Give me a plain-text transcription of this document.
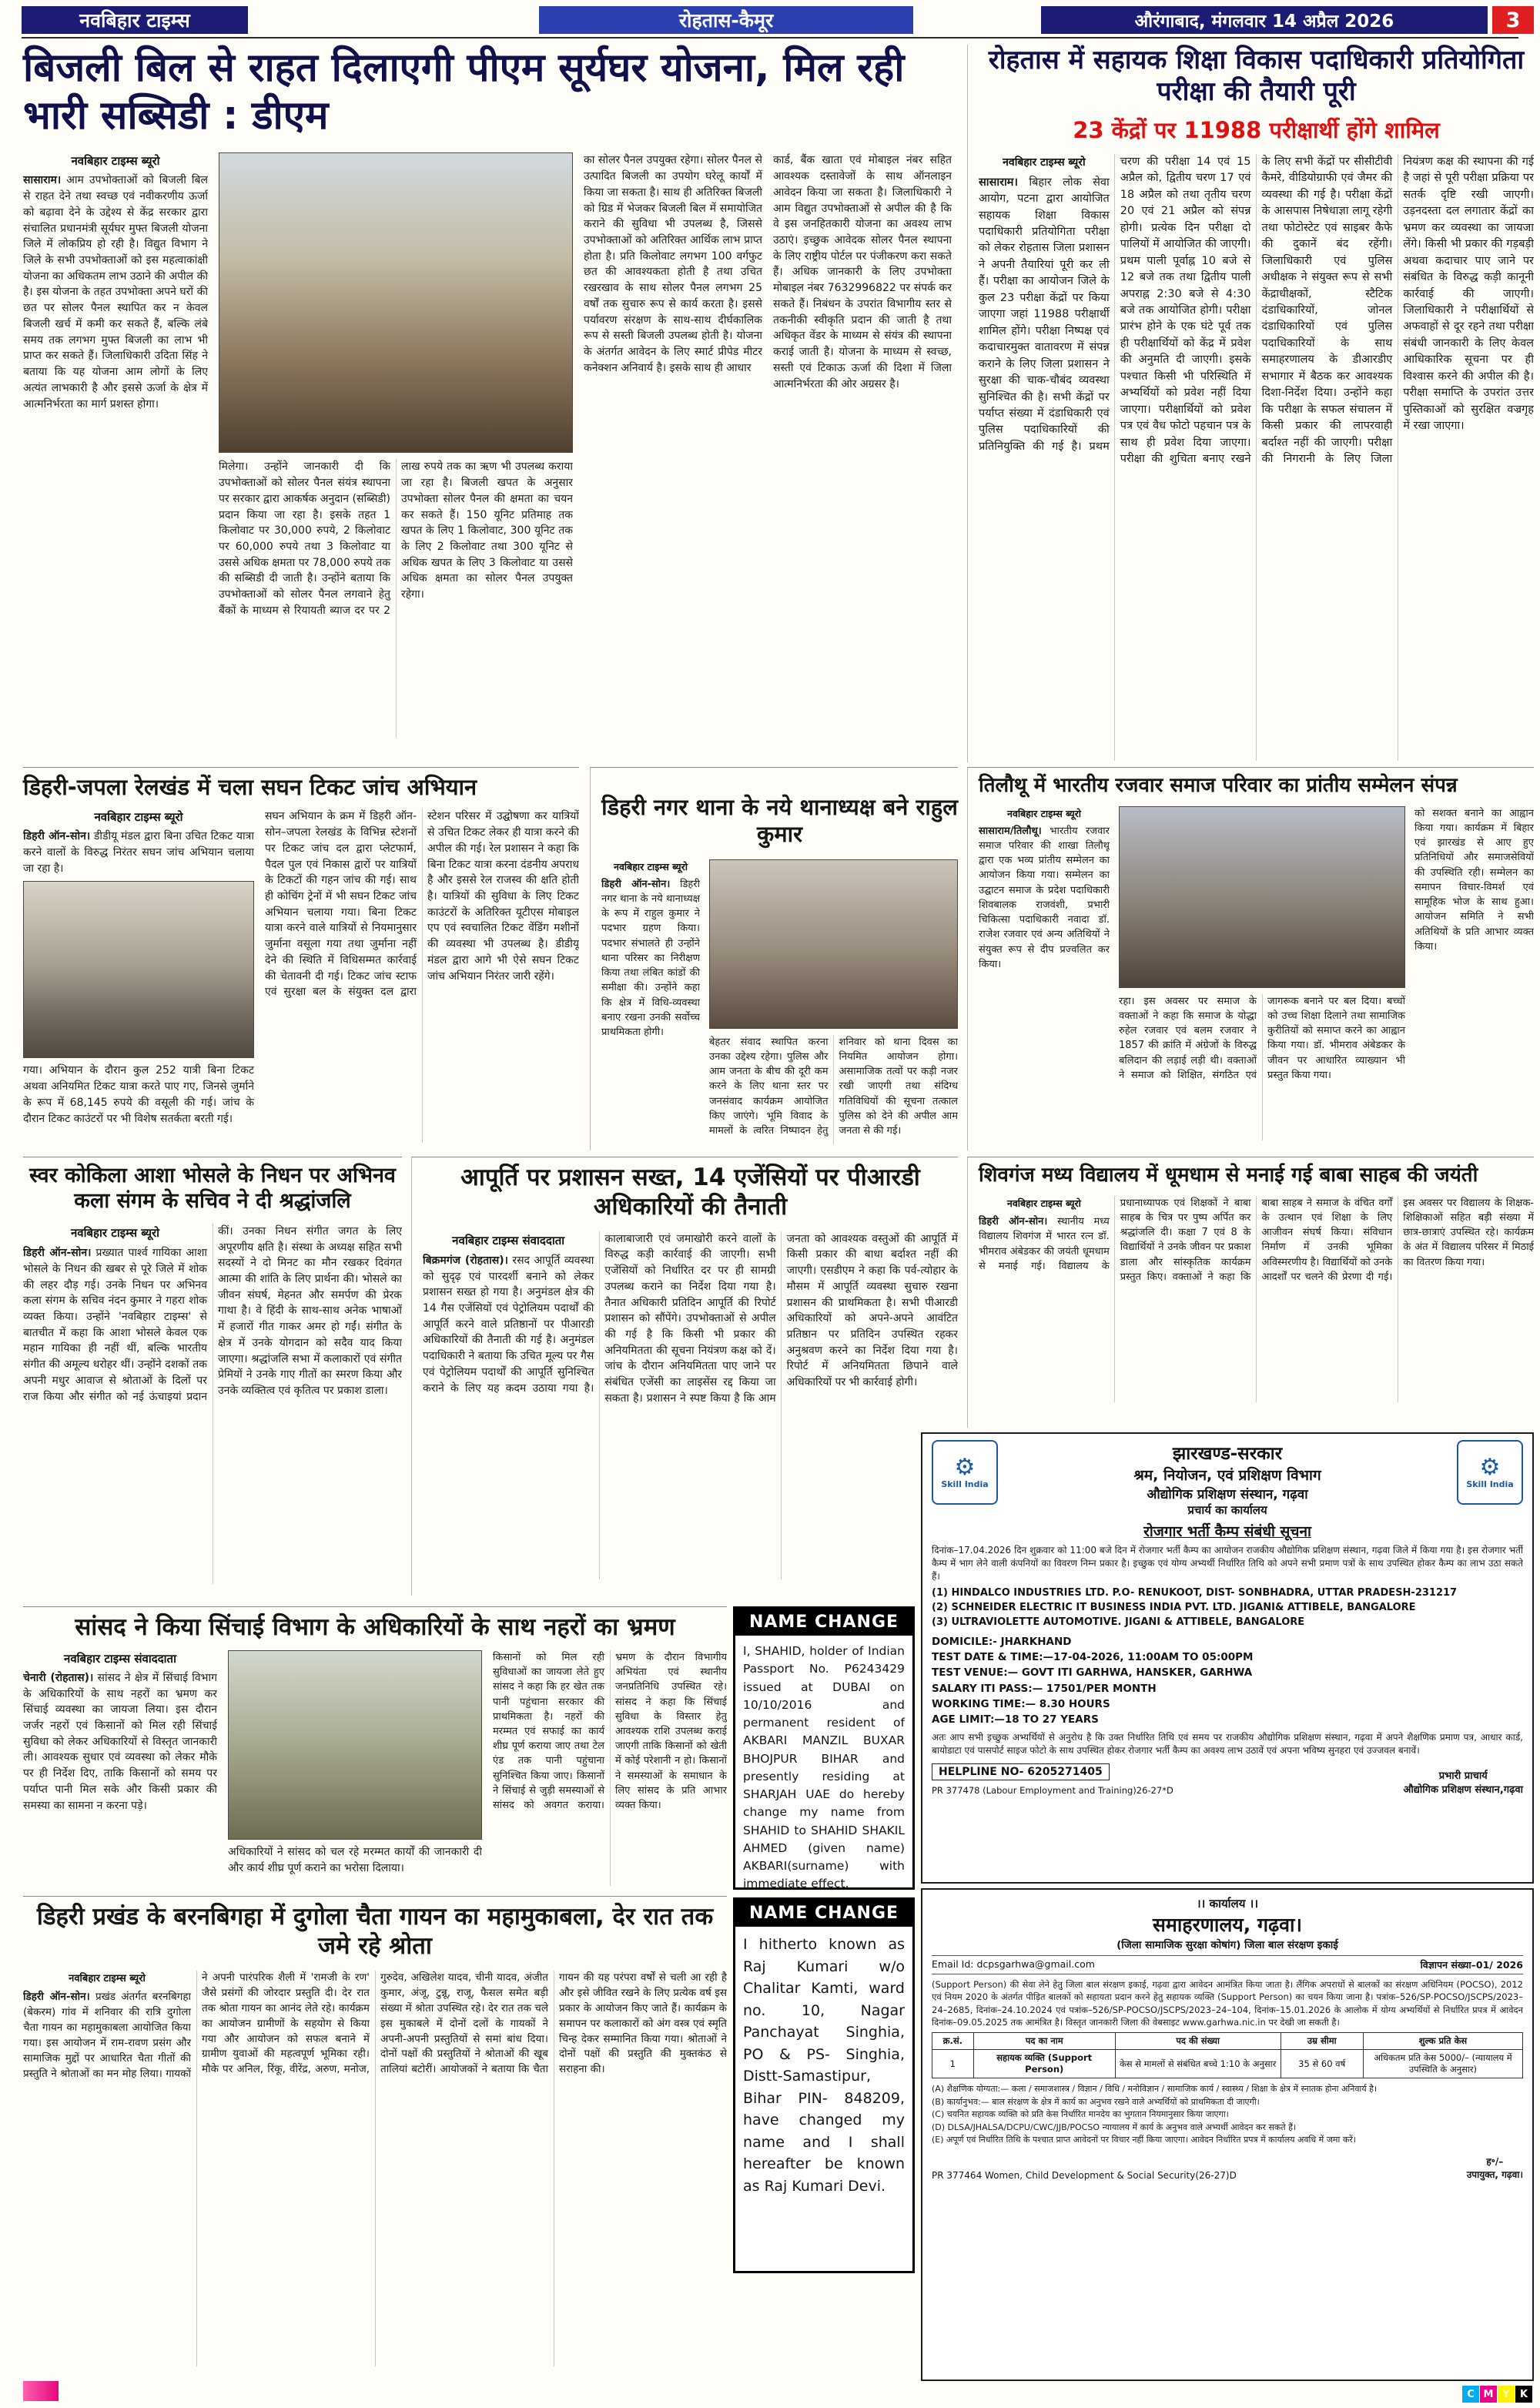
नवबिहार टाइम्स	रोहतास-कैमूर	औरंगाबाद, मंगलवार 14 अप्रैल 2026	3
बिजली बिल से राहत दिलाएगी पीएम सूर्यघर योजना, मिल रही भारी सब्सिडी : डीएम
नवबिहार टाइम्स ब्यूरो
सासाराम। आम उपभोक्ताओं को बिजली बिल से राहत देने तथा स्वच्छ एवं नवीकरणीय ऊर्जा को बढ़ावा देने के उद्देश्य से केंद्र सरकार द्वारा संचालित प्रधानमंत्री सूर्यघर मुफ्त बिजली योजना जिले में लोकप्रिय हो रही है। विद्युत विभाग ने जिले के सभी उपभोक्ताओं को इस महत्वाकांक्षी योजना का अधिकतम लाभ उठाने की अपील की है। इस योजना के तहत उपभोक्ता अपने घरों की छत पर सोलर पैनल स्थापित कर न केवल बिजली खर्च में कमी कर सकते हैं, बल्कि लंबे समय तक लगभग मुफ्त बिजली का लाभ भी प्राप्त कर सकते हैं। जिलाधिकारी उदिता सिंह ने बताया कि यह योजना आम लोगों के लिए अत्यंत लाभकारी है और इससे ऊर्जा के क्षेत्र में आत्मनिर्भरता का मार्ग प्रशस्त होगा।
मिलेगा। उन्होंने जानकारी दी कि उपभोक्ताओं को सोलर पैनल संयंत्र स्थापना पर सरकार द्वारा आकर्षक अनुदान (सब्सिडी) प्रदान किया जा रहा है। इसके तहत 1 किलोवाट पर 30,000 रुपये, 2 किलोवाट पर 60,000 रुपये तथा 3 किलोवाट या उससे अधिक क्षमता पर 78,000 रुपये तक की सब्सिडी दी जाती है। उन्होंने बताया कि उपभोक्ताओं को सोलर पैनल लगवाने हेतु बैंकों के माध्यम से रियायती ब्याज दर पर 2 लाख रुपये तक का ऋण भी उपलब्ध कराया जा रहा है। बिजली खपत के अनुसार उपभोक्ता सोलर पैनल की क्षमता का चयन कर सकते हैं। 150 यूनिट प्रतिमाह तक खपत के लिए 1 किलोवाट, 300 यूनिट तक के लिए 2 किलोवाट तथा 300 यूनिट से अधिक खपत के लिए 3 किलोवाट या उससे अधिक क्षमता का सोलर पैनल उपयुक्त रहेगा।
का सोलर पैनल उपयुक्त रहेगा। सोलर पैनल से उत्पादित बिजली का उपयोग घरेलू कार्यों में किया जा सकता है। साथ ही अतिरिक्त बिजली को ग्रिड में भेजकर बिजली बिल में समायोजित कराने की सुविधा भी उपलब्ध है, जिससे उपभोक्ताओं को अतिरिक्त आर्थिक लाभ प्राप्त होता है। प्रति किलोवाट लगभग 100 वर्गफुट छत की आवश्यकता होती है तथा उचित रखरखाव के साथ सोलर पैनल लगभग 25 वर्षों तक सुचारु रूप से कार्य करता है। इससे पर्यावरण संरक्षण के साथ-साथ दीर्घकालिक रूप से सस्ती बिजली उपलब्ध होती है। योजना के अंतर्गत आवेदन के लिए स्मार्ट प्रीपेड मीटर कनेक्शन अनिवार्य है। इसके साथ ही आधार
कार्ड, बैंक खाता एवं मोबाइल नंबर सहित आवश्यक दस्तावेजों के साथ ऑनलाइन आवेदन किया जा सकता है। जिलाधिकारी ने आम विद्युत उपभोक्ताओं से अपील की है कि वे इस जनहितकारी योजना का अवश्य लाभ उठाएं। इच्छुक आवेदक सोलर पैनल स्थापना के लिए राष्ट्रीय पोर्टल पर पंजीकरण करा सकते हैं। अधिक जानकारी के लिए उपभोक्ता मोबाइल नंबर 7632996822 पर संपर्क कर सकते हैं। निबंधन के उपरांत विभागीय स्तर से तकनीकी स्वीकृति प्रदान की जाती है तथा अधिकृत वेंडर के माध्यम से संयंत्र की स्थापना कराई जाती है। योजना के माध्यम से स्वच्छ, सस्ती एवं टिकाऊ ऊर्जा की दिशा में जिला आत्मनिर्भरता की ओर अग्रसर है।
रोहतास में सहायक शिक्षा विकास पदाधिकारी प्रतियोगिता परीक्षा की तैयारी पूरी
23 केंद्रों पर 11988 परीक्षार्थी होंगे शामिल
नवबिहार टाइम्स ब्यूरो
सासाराम। बिहार लोक सेवा आयोग, पटना द्वारा आयोजित सहायक शिक्षा विकास पदाधिकारी प्रतियोगिता परीक्षा को लेकर रोहतास जिला प्रशासन ने अपनी तैयारियां पूरी कर ली हैं। परीक्षा का आयोजन जिले के कुल 23 परीक्षा केंद्रों पर किया जाएगा जहां 11988 परीक्षार्थी शामिल होंगे। परीक्षा निष्पक्ष एवं कदाचारमुक्त वातावरण में संपन्न कराने के लिए जिला प्रशासन ने सुरक्षा की चाक-चौबंद व्यवस्था सुनिश्चित की है। सभी केंद्रों पर पर्याप्त संख्या में दंडाधिकारी एवं पुलिस पदाधिकारियों की प्रतिनियुक्ति की गई है। प्रथम चरण की परीक्षा 14 एवं 15 अप्रैल को, द्वितीय चरण 17 एवं 18 अप्रैल को तथा तृतीय चरण 20 एवं 21 अप्रैल को संपन्न होगी। प्रत्येक दिन परीक्षा दो पालियों में आयोजित की जाएगी। प्रथम पाली पूर्वाह्न 10 बजे से 12 बजे तक तथा द्वितीय पाली अपराह्न 2:30 बजे से 4:30 बजे तक आयोजित होगी। परीक्षा प्रारंभ होने के एक घंटे पूर्व तक ही परीक्षार्थियों को केंद्र में प्रवेश की अनुमति दी जाएगी। इसके पश्चात किसी भी परिस्थिति में अभ्यर्थियों को प्रवेश नहीं दिया जाएगा। परीक्षार्थियों को प्रवेश पत्र एवं वैध फोटो पहचान पत्र के साथ ही प्रवेश दिया जाएगा। परीक्षा की शुचिता बनाए रखने के लिए सभी केंद्रों पर सीसीटीवी कैमरे, वीडियोग्राफी एवं जैमर की व्यवस्था की गई है। परीक्षा केंद्रों के आसपास निषेधाज्ञा लागू रहेगी तथा फोटोस्टेट एवं साइबर कैफे की दुकानें बंद रहेंगी। जिलाधिकारी एवं पुलिस अधीक्षक ने संयुक्त रूप से सभी केंद्राधीक्षकों, स्टैटिक दंडाधिकारियों, जोनल दंडाधिकारियों एवं पुलिस पदाधिकारियों के साथ समाहरणालय के डीआरडीए सभागार में बैठक कर आवश्यक दिशा-निर्देश दिया। उन्होंने कहा कि परीक्षा के सफल संचालन में किसी प्रकार की लापरवाही बर्दाश्त नहीं की जाएगी। परीक्षा की निगरानी के लिए जिला नियंत्रण कक्ष की स्थापना की गई है जहां से पूरी परीक्षा प्रक्रिया पर सतर्क दृष्टि रखी जाएगी। उड़नदस्ता दल लगातार केंद्रों का भ्रमण कर व्यवस्था का जायजा लेंगे। किसी भी प्रकार की गड़बड़ी अथवा कदाचार पाए जाने पर संबंधित के विरुद्ध कड़ी कानूनी कार्रवाई की जाएगी। जिलाधिकारी ने परीक्षार्थियों से अफवाहों से दूर रहने तथा परीक्षा संबंधी जानकारी के लिए केवल आधिकारिक सूचना पर ही विश्वास करने की अपील की है। परीक्षा समाप्ति के उपरांत उत्तर पुस्तिकाओं को सुरक्षित वज्रगृह में रखा जाएगा।
डिहरी-जपला रेलखंड में चला सघन टिकट जांच अभियान
नवबिहार टाइम्स ब्यूरो
डिहरी ऑन-सोन। डीडीयू मंडल द्वारा बिना उचित टिकट यात्रा करने वालों के विरुद्ध निरंतर सघन जांच अभियान चलाया जा रहा है।
गया। अभियान के दौरान कुल 252 यात्री बिना टिकट अथवा अनियमित टिकट यात्रा करते पाए गए, जिनसे जुर्माने के रूप में 68,145 रुपये की वसूली की गई। जांच के दौरान टिकट काउंटरों पर भी विशेष सतर्कता बरती गई।
सघन अभियान के क्रम में डिहरी ऑन-सोन–जपला रेलखंड के विभिन्न स्टेशनों पर टिकट जांच दल द्वारा प्लेटफार्म, पैदल पुल एवं निकास द्वारों पर यात्रियों के टिकटों की गहन जांच की गई। साथ ही कोचिंग ट्रेनों में भी सघन टिकट जांच अभियान चलाया गया। बिना टिकट यात्रा करने वाले यात्रियों से नियमानुसार जुर्माना वसूला गया तथा जुर्माना नहीं देने की स्थिति में विधिसम्मत कार्रवाई की चेतावनी दी गई। टिकट जांच स्टाफ एवं सुरक्षा बल के संयुक्त दल द्वारा स्टेशन परिसर में उद्घोषणा कर यात्रियों से उचित टिकट लेकर ही यात्रा करने की अपील की गई। रेल प्रशासन ने कहा कि बिना टिकट यात्रा करना दंडनीय अपराध है और इससे रेल राजस्व की क्षति होती है। यात्रियों की सुविधा के लिए टिकट काउंटरों के अतिरिक्त यूटीएस मोबाइल एप एवं स्वचालित टिकट वेंडिंग मशीनों की व्यवस्था भी उपलब्ध है। डीडीयू मंडल द्वारा आगे भी ऐसे सघन टिकट जांच अभियान निरंतर जारी रहेंगे।
डिहरी नगर थाना के नये थानाध्यक्ष बने राहुल कुमार
नवबिहार टाइम्स ब्यूरो
डिहरी ऑन-सोन। डिहरी नगर थाना के नये थानाध्यक्ष के रूप में राहुल कुमार ने पदभार ग्रहण किया। पदभार संभालते ही उन्होंने थाना परिसर का निरीक्षण किया तथा लंबित कांडों की समीक्षा की। उन्होंने कहा कि क्षेत्र में विधि-व्यवस्था बनाए रखना उनकी सर्वोच्च प्राथमिकता होगी।
बेहतर संवाद स्थापित करना उनका उद्देश्य रहेगा। पुलिस और आम जनता के बीच की दूरी कम करने के लिए थाना स्तर पर जनसंवाद कार्यक्रम आयोजित किए जाएंगे। भूमि विवाद के मामलों के त्वरित निष्पादन हेतु शनिवार को थाना दिवस का नियमित आयोजन होगा। असामाजिक तत्वों पर कड़ी नजर रखी जाएगी तथा संदिग्ध गतिविधियों की सूचना तत्काल पुलिस को देने की अपील आम जनता से की गई।
तिलौथू में भारतीय रजवार समाज परिवार का प्रांतीय सम्मेलन संपन्न
नवबिहार टाइम्स ब्यूरो
सासाराम/तिलौथू। भारतीय रजवार समाज परिवार की शाखा तिलौथू द्वारा एक भव्य प्रांतीय सम्मेलन का आयोजन किया गया। सम्मेलन का उद्घाटन समाज के प्रदेश पदाधिकारी शिवबालक राजवंशी, प्रभारी चिकित्सा पदाधिकारी नवादा डॉ. राजेश रजवार एवं अन्य अतिथियों ने संयुक्त रूप से दीप प्रज्वलित कर किया।
रहा। इस अवसर पर समाज के वक्ताओं ने कहा कि समाज के योद्धा रुहेल रजवार एवं बलम रजवार ने 1857 की क्रांति में अंग्रेजों के विरुद्ध बलिदान की लड़ाई लड़ी थी। वक्ताओं ने समाज को शिक्षित, संगठित एवं जागरूक बनाने पर बल दिया। बच्चों को उच्च शिक्षा दिलाने तथा सामाजिक कुरीतियों को समाप्त करने का आह्वान किया गया। डॉ. भीमराव अंबेडकर के जीवन पर आधारित व्याख्यान भी प्रस्तुत किया गया।
को सशक्त बनाने का आह्वान किया गया। कार्यक्रम में बिहार एवं झारखंड से आए हुए प्रतिनिधियों और समाजसेवियों की उपस्थिति रही। सम्मेलन का समापन विचार-विमर्श एवं सामूहिक भोज के साथ हुआ। आयोजन समिति ने सभी अतिथियों के प्रति आभार व्यक्त किया।
स्वर कोकिला आशा भोसले के निधन पर अभिनव कला संगम के सचिव ने दी श्रद्धांजलि
नवबिहार टाइम्स ब्यूरो
डिहरी ऑन-सोन। प्रख्यात पार्श्व गायिका आशा भोसले के निधन की खबर से पूरे जिले में शोक की लहर दौड़ गई। उनके निधन पर अभिनव कला संगम के सचिव नंदन कुमार ने गहरा शोक व्यक्त किया। उन्होंने 'नवबिहार टाइम्स' से बातचीत में कहा कि आशा भोसले केवल एक महान गायिका ही नहीं थीं, बल्कि भारतीय संगीत की अमूल्य धरोहर थीं। उन्होंने दशकों तक अपनी मधुर आवाज से श्रोताओं के दिलों पर राज किया और संगीत को नई ऊंचाइयां प्रदान कीं। उनका निधन संगीत जगत के लिए अपूरणीय क्षति है। संस्था के अध्यक्ष सहित सभी सदस्यों ने दो मिनट का मौन रखकर दिवंगत आत्मा की शांति के लिए प्रार्थना की। भोसले का जीवन संघर्ष, मेहनत और समर्पण की प्रेरक गाथा है। वे हिंदी के साथ-साथ अनेक भाषाओं में हजारों गीत गाकर अमर हो गईं। संगीत के क्षेत्र में उनके योगदान को सदैव याद किया जाएगा। श्रद्धांजलि सभा में कलाकारों एवं संगीत प्रेमियों ने उनके गाए गीतों का स्मरण किया और उनके व्यक्तित्व एवं कृतित्व पर प्रकाश डाला।
आपूर्ति पर प्रशासन सख्त, 14 एजेंसियों पर पीआरडी अधिकारियों की तैनाती
नवबिहार टाइम्स संवाददाता
बिक्रमगंज (रोहतास)। रसद आपूर्ति व्यवस्था को सुदृढ़ एवं पारदर्शी बनाने को लेकर प्रशासन सख्त हो गया है। अनुमंडल क्षेत्र की 14 गैस एजेंसियों एवं पेट्रोलियम पदार्थों की आपूर्ति करने वाले प्रतिष्ठानों पर पीआरडी अधिकारियों की तैनाती की गई है। अनुमंडल पदाधिकारी ने बताया कि उचित मूल्य पर गैस एवं पेट्रोलियम पदार्थों की आपूर्ति सुनिश्चित कराने के लिए यह कदम उठाया गया है। कालाबाजारी एवं जमाखोरी करने वालों के विरुद्ध कड़ी कार्रवाई की जाएगी। सभी एजेंसियों को निर्धारित दर पर ही सामग्री उपलब्ध कराने का निर्देश दिया गया है। तैनात अधिकारी प्रतिदिन आपूर्ति की रिपोर्ट प्रशासन को सौंपेंगे। उपभोक्ताओं से अपील की गई है कि किसी भी प्रकार की अनियमितता की सूचना नियंत्रण कक्ष को दें। जांच के दौरान अनियमितता पाए जाने पर संबंधित एजेंसी का लाइसेंस रद्द किया जा सकता है। प्रशासन ने स्पष्ट किया है कि आम जनता को आवश्यक वस्तुओं की आपूर्ति में किसी प्रकार की बाधा बर्दाश्त नहीं की जाएगी। एसडीएम ने कहा कि पर्व-त्योहार के मौसम में आपूर्ति व्यवस्था सुचारु रखना प्रशासन की प्राथमिकता है। सभी पीआरडी अधिकारियों को अपने-अपने आवंटित प्रतिष्ठान पर प्रतिदिन उपस्थित रहकर अनुश्रवण करने का निर्देश दिया गया है। रिपोर्ट में अनियमितता छिपाने वाले अधिकारियों पर भी कार्रवाई होगी।
शिवगंज मध्य विद्यालय में धूमधाम से मनाई गई बाबा साहब की जयंती
नवबिहार टाइम्स ब्यूरो
डिहरी ऑन-सोन। स्थानीय मध्य विद्यालय शिवगंज में भारत रत्न डॉ. भीमराव अंबेडकर की जयंती धूमधाम से मनाई गई। विद्यालय के प्रधानाध्यापक एवं शिक्षकों ने बाबा साहब के चित्र पर पुष्प अर्पित कर श्रद्धांजलि दी। कक्षा 7 एवं 8 के विद्यार्थियों ने उनके जीवन पर प्रकाश डाला और सांस्कृतिक कार्यक्रम प्रस्तुत किए। वक्ताओं ने कहा कि बाबा साहब ने समाज के वंचित वर्गों के उत्थान एवं शिक्षा के लिए आजीवन संघर्ष किया। संविधान निर्माण में उनकी भूमिका अविस्मरणीय है। विद्यार्थियों को उनके आदर्शों पर चलने की प्रेरणा दी गई। इस अवसर पर विद्यालय के शिक्षक-शिक्षिकाओं सहित बड़ी संख्या में छात्र-छात्राएं उपस्थित रहे। कार्यक्रम के अंत में विद्यालय परिसर में मिठाई का वितरण किया गया।
⚙
Skill India
झारखण्ड-सरकार
श्रम, नियोजन, एवं प्रशिक्षण विभाग
औद्योगिक प्रशिक्षण संस्थान, गढ़वा
प्रचार्य का कार्यालय
⚙
Skill India
रोजगार भर्ती कैम्प संबंधी सूचना

दिनांक–17.04.2026 दिन शुक्रवार को 11:00 बजे दिन में रोजगार भर्ती कैम्प का आयोजन राजकीय औद्योगिक प्रशिक्षण संस्थान, गढ़वा जिले में किया गया है। इस रोजगार भर्ती कैम्प में भाग लेने वाली कंपनियों का विवरण निम्न प्रकार है। इच्छुक एवं योग्य अभ्यर्थी निर्धारित तिथि को अपने सभी प्रमाण पत्रों के साथ उपस्थित होकर कैम्प का लाभ उठा सकते हैं।

(1) HINDALCO INDUSTRIES LTD. P.O- RENUKOOT, DIST- SONBHADRA, UTTAR PRADESH-231217
(2) SCHNEIDER ELECTRIC IT BUSINESS INDIA PVT. LTD. JIGANI& ATTIBELE, BANGALORE
(3) ULTRAVIOLETTE AUTOMOTIVE. JIGANI & ATTIBELE, BANGALORE
DOMICILE:- JHARKHAND
TEST DATE & TIME:—17-04-2026, 11:00AM TO 05:00PM
TEST VENUE:— GOVT ITI GARHWA, HANSKER, GARHWA
SALARY ITI PASS:— 17501/PER MONTH
WORKING TIME:— 8.30 HOURS
AGE LIMIT:—18 TO 27 YEARS

अतः आप सभी इच्छुक अभ्यर्थियों से अनुरोध है कि उक्त निर्धारित तिथि एवं समय पर राजकीय औद्योगिक प्रशिक्षण संस्थान, गढ़वा में अपने शैक्षणिक प्रमाण पत्र, आधार कार्ड, बायोडाटा एवं पासपोर्ट साइज फोटो के साथ उपस्थित होकर रोजगार भर्ती कैम्प का अवश्य लाभ उठावें एवं अपना भविष्य सुनहरा एवं उज्जवल बनावें।

HELPLINE NO- 6205271405
PR 377478 (Labour Employment and Training)26-27*D
प्रभारी प्राचार्य
औद्योगिक प्रशिक्षण संस्थान,गढ़वा
सांसद ने किया सिंचाई विभाग के अधिकारियों के साथ नहरों का भ्रमण
नवबिहार टाइम्स संवाददाता
चेनारी (रोहतास)। सांसद ने क्षेत्र में सिंचाई विभाग के अधिकारियों के साथ नहरों का भ्रमण कर सिंचाई व्यवस्था का जायजा लिया। इस दौरान जर्जर नहरों एवं किसानों को मिल रही सिंचाई सुविधा को लेकर अधिकारियों से विस्तृत जानकारी ली। आवश्यक सुधार एवं व्यवस्था को लेकर मौके पर ही निर्देश दिए, ताकि किसानों को समय पर पर्याप्त पानी मिल सके और किसी प्रकार की समस्या का सामना न करना पड़े।
अधिकारियों ने सांसद को चल रहे मरम्मत कार्यों की जानकारी दी और कार्य शीघ्र पूर्ण कराने का भरोसा दिलाया।
किसानों को मिल रही सुविधाओं का जायजा लेते हुए सांसद ने कहा कि हर खेत तक पानी पहुंचाना सरकार की प्राथमिकता है। नहरों की मरम्मत एवं सफाई का कार्य शीघ्र पूर्ण कराया जाए तथा टेल एंड तक पानी पहुंचाना सुनिश्चित किया जाए। किसानों ने सिंचाई से जुड़ी समस्याओं से सांसद को अवगत कराया। भ्रमण के दौरान विभागीय अभियंता एवं स्थानीय जनप्रतिनिधि उपस्थित रहे। सांसद ने कहा कि सिंचाई सुविधा के विस्तार हेतु आवश्यक राशि उपलब्ध कराई जाएगी ताकि किसानों को खेती में कोई परेशानी न हो। किसानों ने समस्याओं के समाधान के लिए सांसद के प्रति आभार व्यक्त किया।
NAME CHANGE
I, SHAHID, holder of Indian Passport No. P6243429 issued at DUBAI on 10/10/2016 and permanent resident of AKBARI MANZIL BUXAR BHOJPUR BIHAR and presently residing at SHARJAH UAE do hereby change my name from SHAHID to SHAHID SHAKIL AHMED (given name) AKBARI(surname) with immediate effect.
NAME CHANGE
I hitherto known as Raj Kumari w/o Chalitar Kamti, ward no. 10, Nagar Panchayat Singhia, PO & PS- Singhia, Distt-Samastipur, Bihar PIN- 848209, have changed my name and I shall hereafter be known as Raj Kumari Devi.
डिहरी प्रखंड के बरनबिगहा में दुगोला चैता गायन का महामुकाबला, देर रात तक जमे रहे श्रोता
नवबिहार टाइम्स ब्यूरो
डिहरी ऑन-सोन। प्रखंड अंतर्गत बरनबिगहा (बेकरम) गांव में शनिवार की रात्रि दुगोला चैता गायन का महामुकाबला आयोजित किया गया। इस आयोजन में राम-रावण प्रसंग और सामाजिक मुद्दों पर आधारित चैता गीतों की प्रस्तुति ने श्रोताओं का मन मोह लिया। गायकों ने अपनी पारंपरिक शैली में 'रामजी के रण' जैसे प्रसंगों की जोरदार प्रस्तुति दी। देर रात तक श्रोता गायन का आनंद लेते रहे। कार्यक्रम का आयोजन ग्रामीणों के सहयोग से किया गया और आयोजन को सफल बनाने में ग्रामीण युवाओं की महत्वपूर्ण भूमिका रही। मौके पर अनिल, रिंकू, वीरेंद्र, अरुण, मनोज, गुरुदेव, अखिलेश यादव, चीनी यादव, अंजीत कुमार, अंजू, टुन्नू, राजू, फैसल समेत बड़ी संख्या में श्रोता उपस्थित रहे। देर रात तक चले इस मुकाबले में दोनों दलों के गायकों ने अपनी-अपनी प्रस्तुतियों से समां बांध दिया। दोनों पक्षों की प्रस्तुतियों ने श्रोताओं की खूब तालियां बटोरीं। आयोजकों ने बताया कि चैता गायन की यह परंपरा वर्षों से चली आ रही है और इसे जीवित रखने के लिए प्रत्येक वर्ष इस प्रकार के आयोजन किए जाते हैं। कार्यक्रम के समापन पर कलाकारों को अंग वस्त्र एवं स्मृति चिन्ह देकर सम्मानित किया गया। श्रोताओं ने दोनों पक्षों की प्रस्तुति की मुक्तकंठ से सराहना की।
।। कार्यालय ।।
समाहरणालय, गढ़वा।
(जिला सामाजिक सुरक्षा कोषांग) जिला बाल संरक्षण इकाई
Email Id: dcpsgarhwa@gmail.com	विज्ञापन संख्या–01/ 2026

(Support Person) की सेवा लेने हेतु जिला बाल संरक्षण इकाई, गढ़वा द्वारा आवेदन आमंत्रित किया जाता है। लैंगिक अपराधों से बालकों का संरक्षण अधिनियम (POCSO), 2012 एवं नियम 2020 के अंतर्गत पीड़ित बालकों को सहायता प्रदान करने हेतु सहायक व्यक्ति (Support Person) का चयन किया जाना है। पत्रांक–526/SP-POCSO/JSCPS/2023–24–2685, दिनांक–24.10.2024 एवं पत्रांक–526/SP-POCSO/JSCPS/2023–24–104, दिनांक–15.01.2026 के आलोक में योग्य अभ्यर्थियों से निर्धारित प्रपत्र में आवेदन दिनांक–09.05.2025 तक आमंत्रित है। विस्तृत जानकारी जिला की वेबसाइट www.garhwa.nic.in पर देखी जा सकती है।

क्र.सं.	पद का नाम	पद की संख्या	उम्र सीमा	शुल्क प्रति केस
1	सहायक व्यक्ति (Support Person)	केस से मामलों से संबंधित बच्चे 1:10 के अनुसार	35 से 60 वर्ष	अधिकतम प्रति केस 5000/– (न्यायालय में उपस्थिति के अनुसार)
(A) शैक्षणिक योग्यता:— कला / समाजशास्त्र / विज्ञान / विधि / मनोविज्ञान / सामाजिक कार्य / स्वास्थ्य / शिक्षा के क्षेत्र में स्नातक होना अनिवार्य है।
(B) कार्यानुभव:— बाल संरक्षण के क्षेत्र में कार्य का अनुभव रखने वाले अभ्यर्थियों को प्राथमिकता दी जाएगी।
(C) चयनित सहायक व्यक्ति को प्रति केस निर्धारित मानदेय का भुगतान नियमानुसार किया जाएगा।
(D) DLSA/JHALSA/DCPU/CWC/JJB/POCSO न्यायालय में कार्य के अनुभव वाले अभ्यर्थी आवेदन कर सकते हैं।
(E) अपूर्ण एवं निर्धारित तिथि के पश्चात प्राप्त आवेदनों पर विचार नहीं किया जाएगा। आवेदन निर्धारित प्रपत्र में कार्यालय अवधि में जमा करें।
PR 377464 Women, Child Development & Social Security(26-27)D
ह॰/–
उपायुक्त, गढ़वा।
C M Y	K
